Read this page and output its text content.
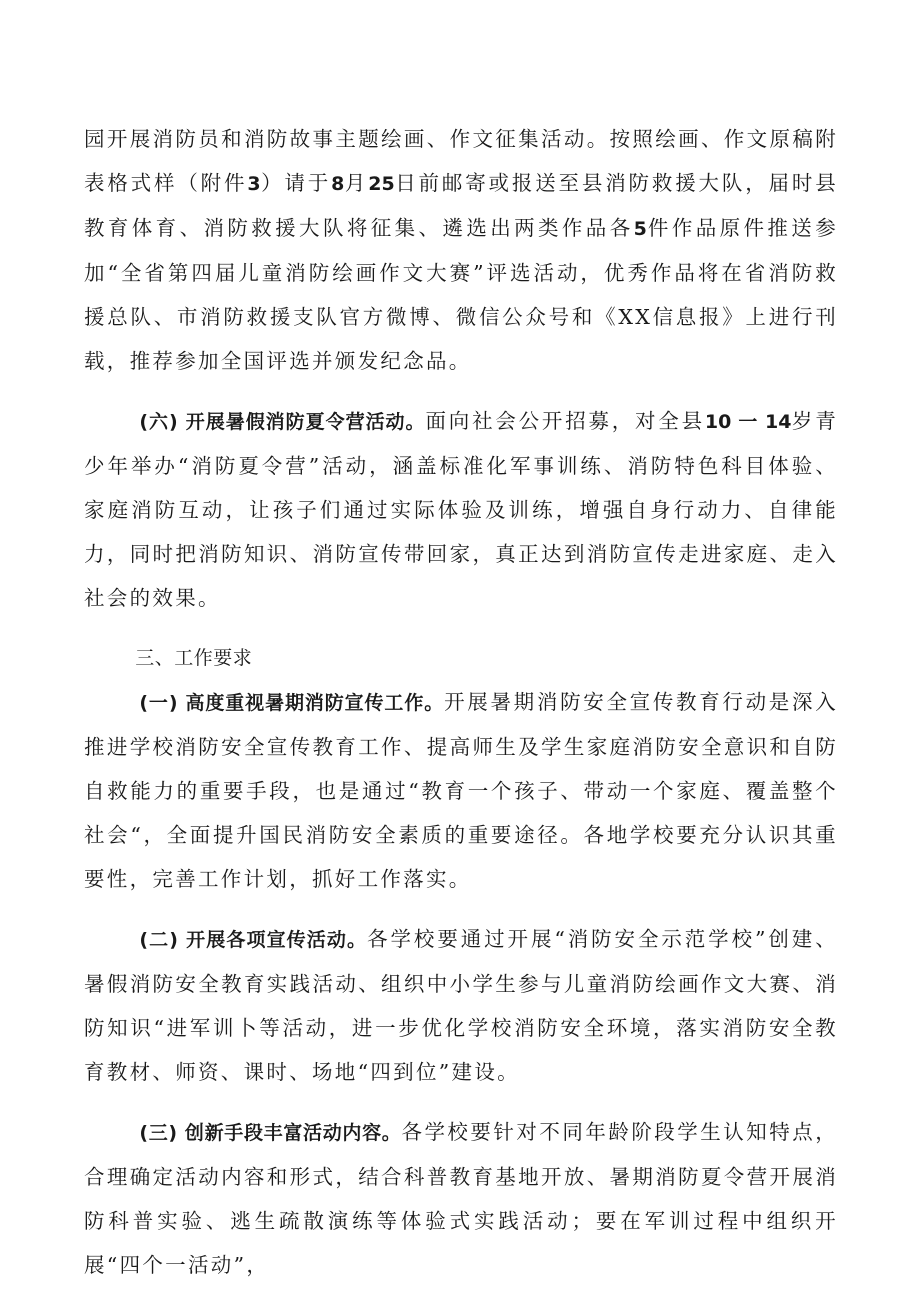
园开展消防员和消防故事主题绘画、作文征集活动。按照绘画、作文原稿附表格式样（附件3）请于8月25日前邮寄或报送至县消防救援大队，届时县教育体育、消防救援大队将征集、遴选出两类作品各5件作品原件推送参加“全省第四届儿童消防绘画作文大赛”评选活动，优秀作品将在省消防救援总队、市消防救援支队官方微博、微信公众号和《XX信息报》上进行刊载，推荐参加全国评选并颁发纪念品。

(六) 开展暑假消防夏令营活动。面向社会公开招募，对全县10 一 14岁青少年举办“消防夏令营”活动，涵盖标准化军事训练、消防特色科目体验、家庭消防互动，让孩子们通过实际体验及训练，增强自身行动力、自律能力，同时把消防知识、消防宣传带回家，真正达到消防宣传走进家庭、走入社会的效果。

三、工作要求

(一) 高度重视暑期消防宣传工作。开展暑期消防安全宣传教育行动是深入推进学校消防安全宣传教育工作、提高师生及学生家庭消防安全意识和自防自救能力的重要手段，也是通过“教育一个孩子、带动一个家庭、覆盖整个社会“，全面提升国民消防安全素质的重要途径。各地学校要充分认识其重要性，完善工作计划，抓好工作落实。

(二) 开展各项宣传活动。各学校要通过开展“消防安全示范学校”创建、暑假消防安全教育实践活动、组织中小学生参与儿童消防绘画作文大赛、消防知识“进军训卜等活动，进一步优化学校消防安全环境，落实消防安全教育教材、师资、课时、场地“四到位”建设。

(三) 创新手段丰富活动内容。各学校要针对不同年龄阶段学生认知特点，合理确定活动内容和形式，结合科普教育基地开放、暑期消防夏令营开展消防科普实验、逃生疏散演练等体验式实践活动；要在军训过程中组织开展“四个一活动”，
